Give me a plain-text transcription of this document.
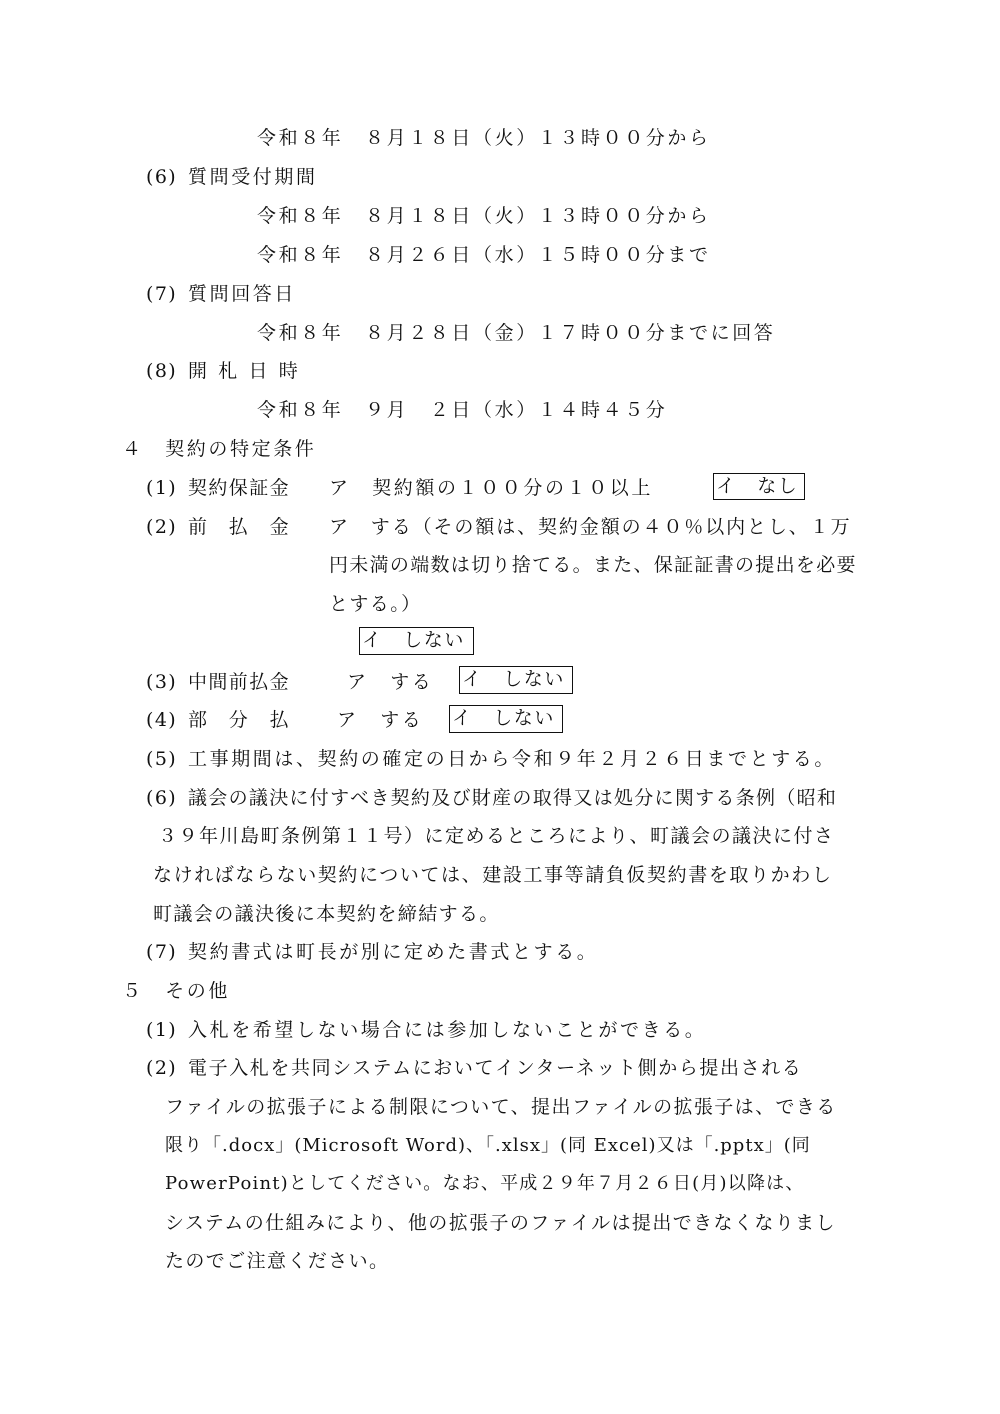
令和８年　８月１８日（火）１３時００分から
(6) 質問受付期間
令和８年　８月１８日（火）１３時００分から
令和８年　８月２６日（水）１５時００分まで
(7) 質問回答日
令和８年　８月２８日（金）１７時００分までに回答
(8) 開 札 日 時
令和８年　９月　２日（水）１４時４５分
４　契約の特定条件
(1) 契約保証金 ア　契約額の１００分の１０以上	イ　なし
(2) 前　払　金 ア　する（その額は、契約金額の４０％以内とし、１万
円未満の端数は切り捨てる。また、保証証書の提出を必要
とする。）
イ　しない
(3) 中間前払金	ア　する イ　しない
(4) 部　分　払 ア　する イ　しない
(5) 工事期間は、契約の確定の日から令和９年２月２６日までとする。
(6) 議会の議決に付すべき契約及び財産の取得又は処分に関する条例（昭和
３９年川島町条例第１１号）に定めるところにより、町議会の議決に付さ
なければならない契約については、建設工事等請負仮契約書を取りかわし
町議会の議決後に本契約を締結する。
(7) 契約書式は町長が別に定めた書式とする。
５　その他
(1) 入札を希望しない場合には参加しないことができる。
(2) 電子入札を共同システムにおいてインターネット側から提出される
ファイルの拡張子による制限について、提出ファイルの拡張子は、できる
限り「.docx」(Microsoft Word)、「.xlsx」(同 Excel)又は「.pptx」(同
PowerPoint)としてください。なお、平成２９年７月２６日(月)以降は、
システムの仕組みにより、他の拡張子のファイルは提出できなくなりまし
たのでご注意ください。
